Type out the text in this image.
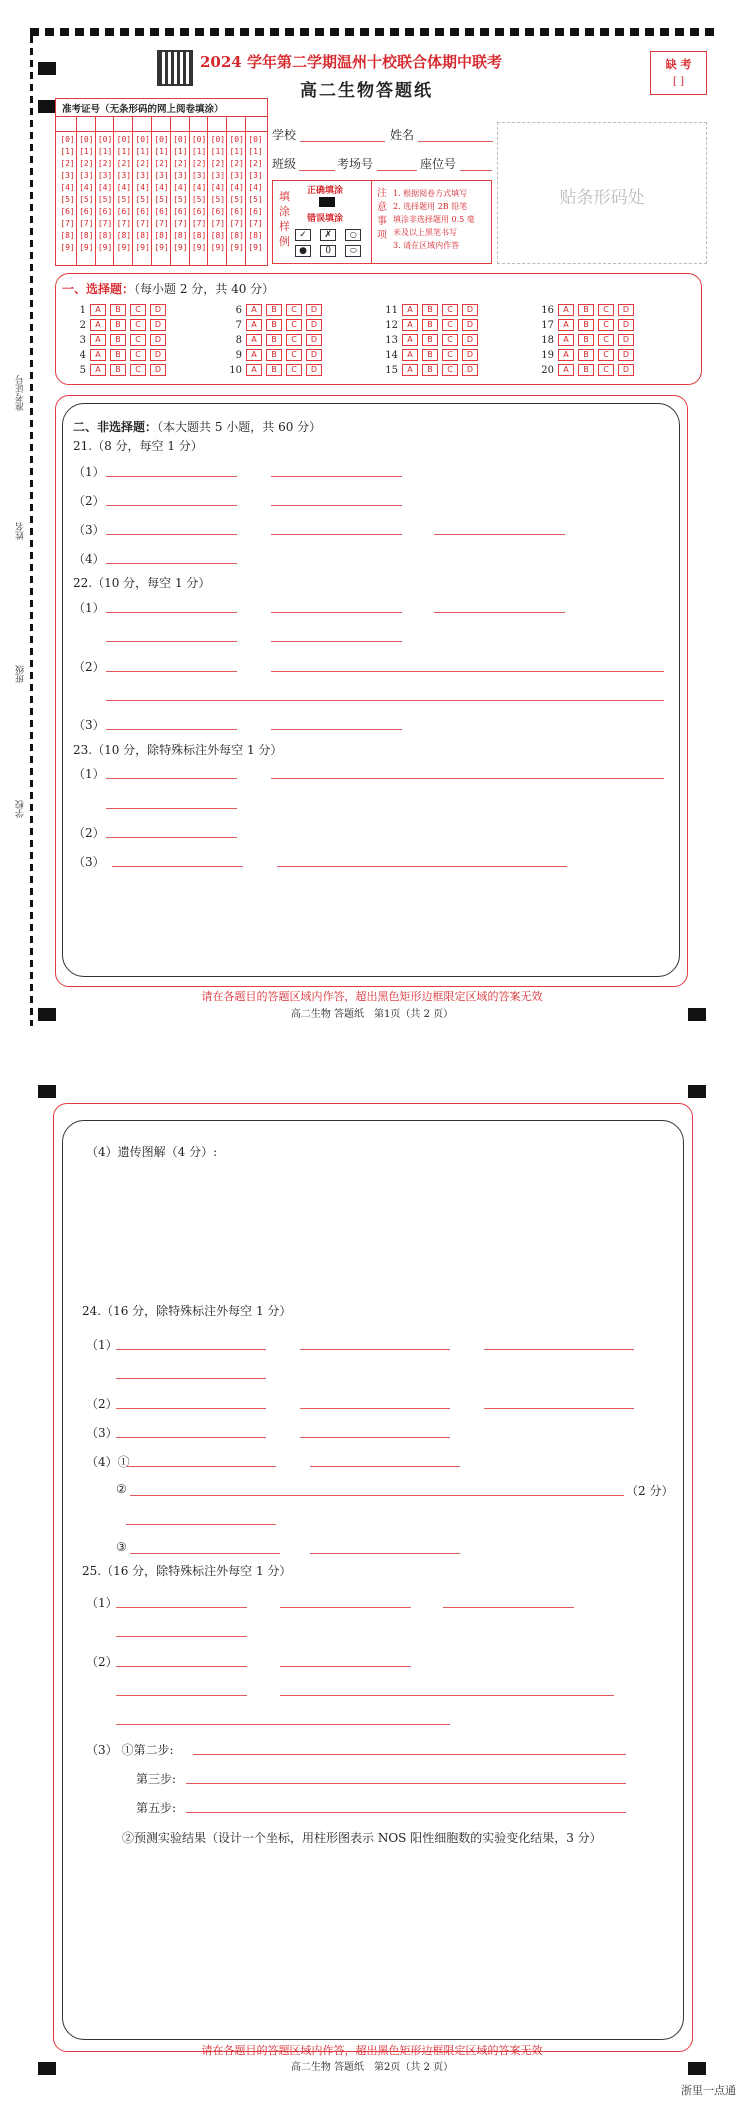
2024 学年第二学期温州十校联合体期中联考
高二生物答题纸
缺 考
[ ]
准考证号（无条形码的网上阅卷填涂）
[0]
[1]
[2]
[3]
[4]
[5]
[6]
[7]
[8]
[9]
[0]
[1]
[2]
[3]
[4]
[5]
[6]
[7]
[8]
[9]
[0]
[1]
[2]
[3]
[4]
[5]
[6]
[7]
[8]
[9]
[0]
[1]
[2]
[3]
[4]
[5]
[6]
[7]
[8]
[9]
[0]
[1]
[2]
[3]
[4]
[5]
[6]
[7]
[8]
[9]
[0]
[1]
[2]
[3]
[4]
[5]
[6]
[7]
[8]
[9]
[0]
[1]
[2]
[3]
[4]
[5]
[6]
[7]
[8]
[9]
[0]
[1]
[2]
[3]
[4]
[5]
[6]
[7]
[8]
[9]
[0]
[1]
[2]
[3]
[4]
[5]
[6]
[7]
[8]
[9]
[0]
[1]
[2]
[3]
[4]
[5]
[6]
[7]
[8]
[9]
[0]
[1]
[2]
[3]
[4]
[5]
[6]
[7]
[8]
[9]
学校	姓名
班级	考场号	座位号
贴条形码处
填涂样例
正确填涂
错误填涂
✓ ✗ ○
● 0 ⬭
注意事项
1. 根据阅卷方式填写
2. 选择题用 2B 铅笔
填涂非选择题用 0.5 毫
米及以上黑笔书写
3. 请在区域内作答
一、选择题：（每小题 2 分，共 40 分）
1	A	B	C	D
2	A	B	C	D
3	A	B	C	D
4	A	B	C	D
5	A	B	C	D
6	A	B	C	D
7	A	B	C	D
8	A	B	C	D
9	A	B	C	D
10	A	B	C	D
11	A	B	C	D
12	A	B	C	D
13	A	B	C	D
14	A	B	C	D
15	A	B	C	D
16	A	B	C	D
17	A	B	C	D
18	A	B	C	D
19	A	B	C	D
20	A	B	C	D
准考证号
姓名
班级
学校
二、非选择题：（本大题共 5 小题，共 60 分）
21.（8 分，每空 1 分）
（1）
（2）
（3）
（4）
22.（10 分，每空 1 分）
（1）
（2）
（3）
23.（10 分，除特殊标注外每空 1 分）
（1）
（2）
（3）
请在各题目的答题区域内作答，超出黑色矩形边框限定区域的答案无效
高二生物 答题纸　第1页（共 2 页）
（4）遗传图解（4 分）:
24.（16 分，除特殊标注外每空 1 分）
（1）
（2）
（3）
（4）①
②	（2 分）
③
25.（16 分，除特殊标注外每空 1 分）
（1）
（2）
（3） ①第二步:
第三步:
第五步:
②预测实验结果（设计一个坐标，用柱形图表示 NOS 阳性细胞数的实验变化结果，3 分）
请在各题目的答题区域内作答，超出黑色矩形边框限定区域的答案无效
高二生物 答题纸　第2页（共 2 页）
浙里一点通
